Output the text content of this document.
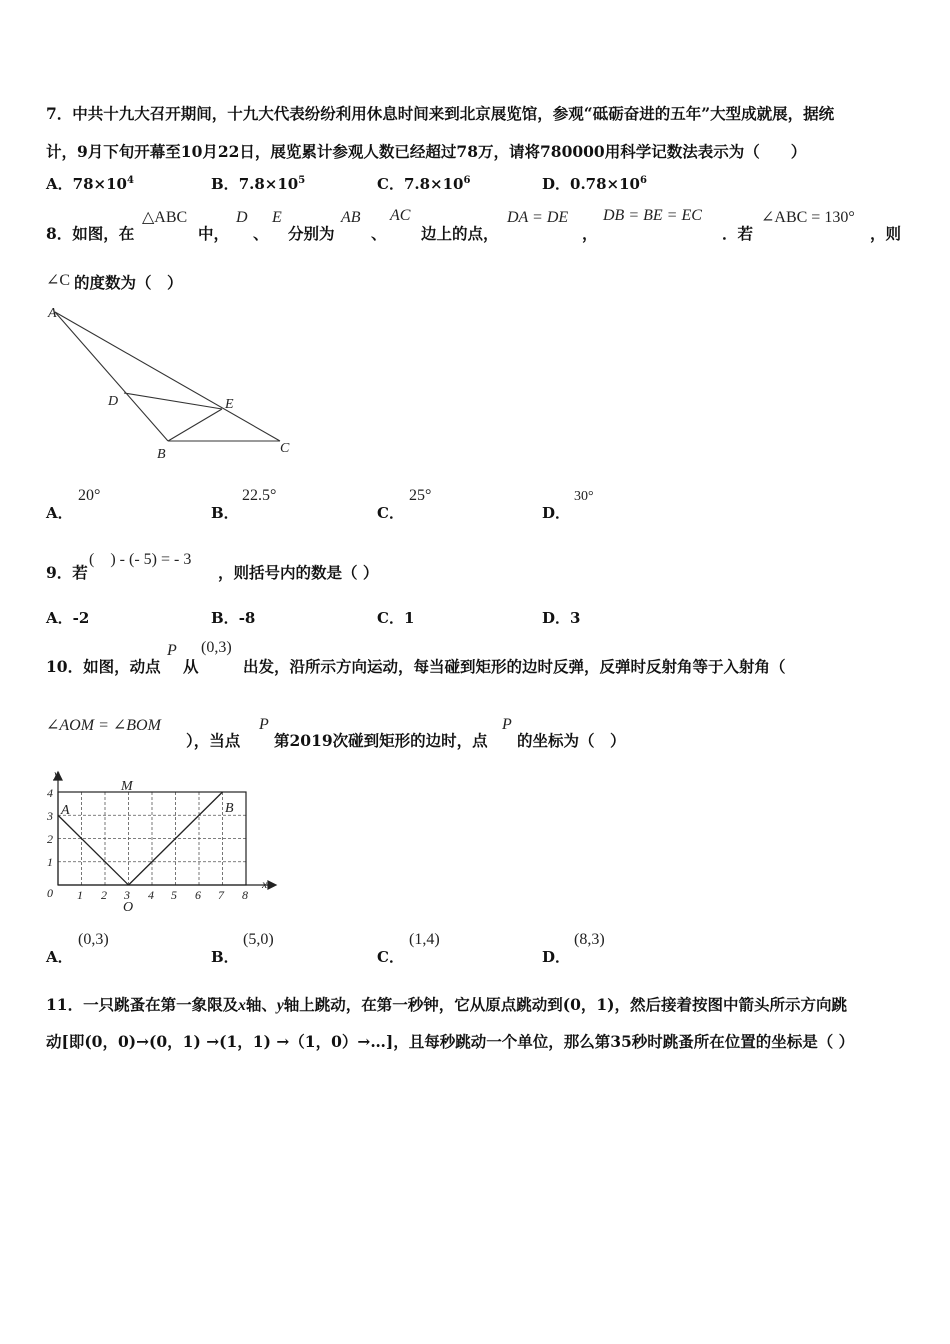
7．中共十九大召开期间，十九大代表纷纷利用休息时间来到北京展览馆，参观“砥砺奋进的五年”大型成就展，据统
计，9月下旬开幕至10月22日，展览累计参观人数已经超过78万，请将780000用科学记数法表示为（　　）
A．$78\times 10^4$	B．$7.8\times 10^5$	C．$7.8\times 10^6$	D．$0.78\times 10^6$
8．如图，在
△ABC
中，
D
、
E
分别为
AB
、
AC
边上的点，
DA = DE
，
DB = BE = EC
．若
∠ABC = 130°
，则
∠C 的度数为（　）
A
D	E
B	C
A．
20°
B．
22.5°
C．
25°
D．
30°
9．若
(　) - (- 5) = - 3
，则括号内的数是（ ）
A．-2	B．-8	C．1	D．3
10．如图，动点
P
从
(0,3)
出发，沿所示方向运动，每当碰到矩形的边时反弹，反弹时反射角等于入射角（
∠AOM = ∠BOM
），当点
P
第2019次碰到矩形的边时，点
P
的坐标为（　）
1 2 3 4 5 6 7 8
1
2
3
4
0
x
y
A	B
M
O
A．
(0,3)
B．
(5,0)
C．
(1,4)
D．
(8,3)
11．一只跳蚤在第一象限及x轴、y轴上跳动，在第一秒钟，它从原点跳动到(0，1)，然后接着按图中箭头所示方向跳
动[即(0，0)→(0，1) →(1，1) →（1，0）→…]，且每秒跳动一个单位，那么第35秒时跳蚤所在位置的坐标是（ ）
